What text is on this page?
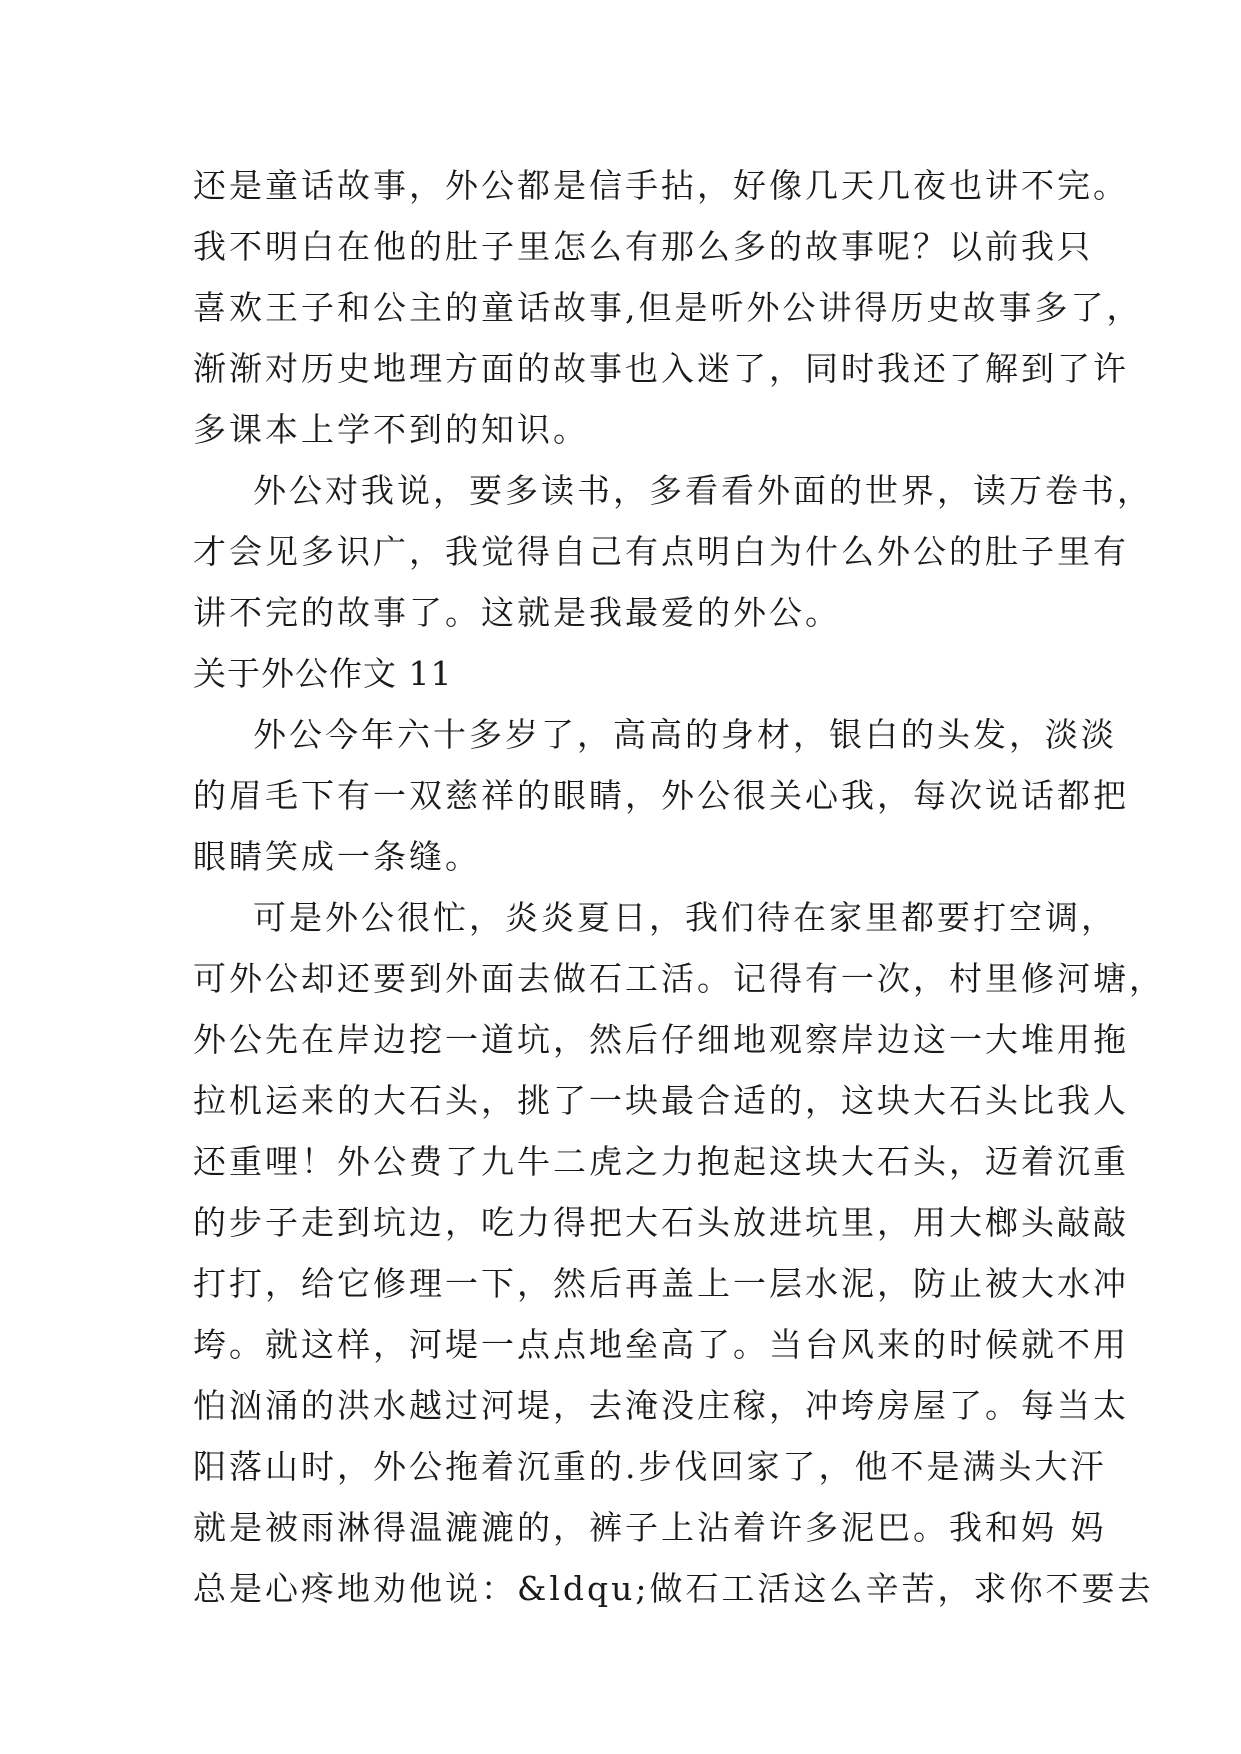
还是童话故事，外公都是信手拈，好像几天几夜也讲不完。

我不明白在他的肚子里怎么有那么多的故事呢？以前我只

喜欢王子和公主的童话故事,但是听外公讲得历史故事多了，

渐渐对历史地理方面的故事也入迷了，同时我还了解到了许

多课本上学不到的知识。

外公对我说，要多读书，多看看外面的世界，读万卷书，

才会见多识广，我觉得自己有点明白为什么外公的肚子里有

讲不完的故事了。这就是我最爱的外公。

关于外公作文 11

外公今年六十多岁了，高高的身材，银白的头发，淡淡

的眉毛下有一双慈祥的眼睛，外公很关心我，每次说话都把

眼睛笑成一条缝。

可是外公很忙，炎炎夏日，我们待在家里都要打空调，

可外公却还要到外面去做石工活。记得有一次，村里修河塘，

外公先在岸边挖一道坑，然后仔细地观察岸边这一大堆用拖

拉机运来的大石头，挑了一块最合适的，这块大石头比我人

还重哩！外公费了九牛二虎之力抱起这块大石头，迈着沉重

的步子走到坑边，吃力得把大石头放进坑里，用大榔头敲敲

打打，给它修理一下，然后再盖上一层水泥，防止被大水冲

垮。就这样，河堤一点点地垒高了。当台风来的时候就不用

怕汹涌的洪水越过河堤，去淹没庄稼，冲垮房屋了。每当太

阳落山时，外公拖着沉重的.步伐回家了，他不是满头大汗

就是被雨淋得温漉漉的，裤子上沾着许多泥巴。我和妈 妈

总是心疼地劝他说：&ldqu;做石工活这么辛苦，求你不要去
